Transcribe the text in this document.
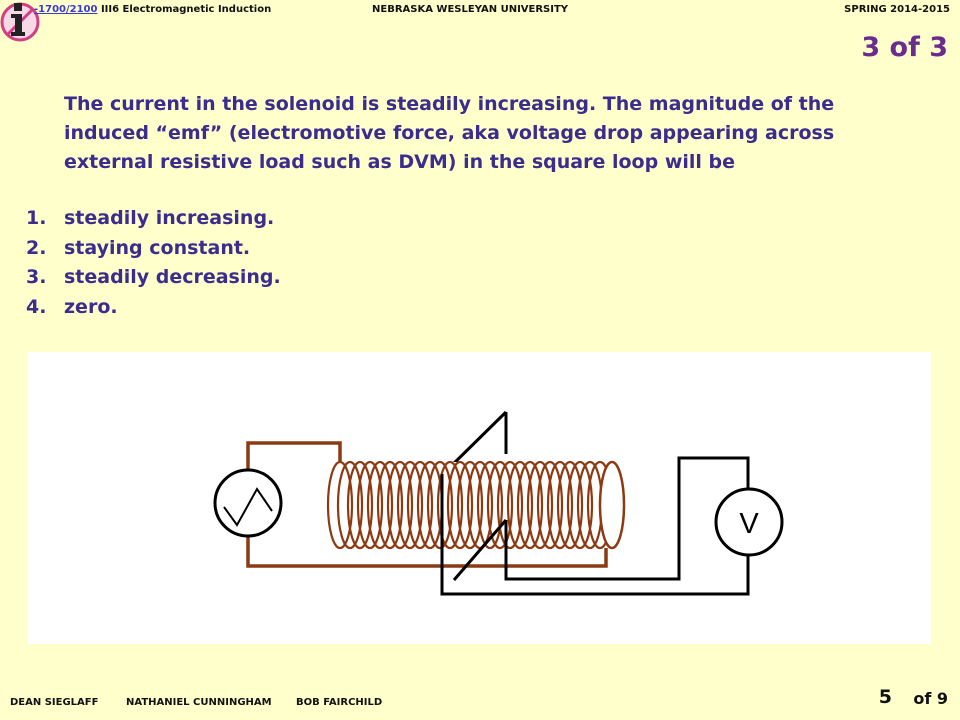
-1700/2100 III6 Electromagnetic Induction	NEBRASKA WESLEYAN UNIVERSITY	SPRING 2014-2015
3 of 3
The current in the solenoid is steadily increasing. The magnitude of the induced “emf” (electromotive force, aka voltage drop appearing across external resistive load such as DVM) in the square loop will be
1. steadily increasing.
2. staying constant.
3. steadily decreasing.
4. zero.
V
DEAN SIEGLAFF	NATHANIEL CUNNINGHAM BOB FAIRCHILD	5 of 9
